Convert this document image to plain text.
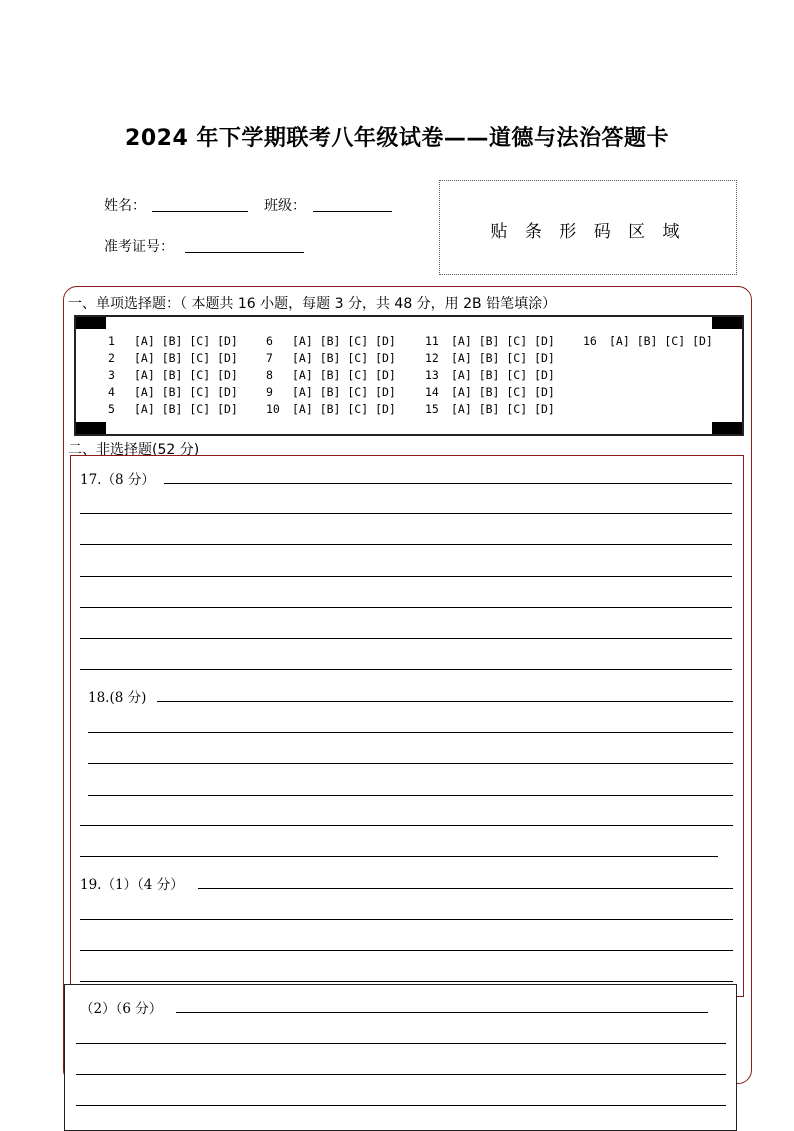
2024 年下学期联考八年级试卷——道德与法治答题卡
姓名：	班级：
准考证号：
贴 条 形 码 区 域
一、单项选择题：（ 本题共 16 小题，每题 3 分，共 48 分，用 2B 铅笔填涂）
1 [A] [B] [C] [D]
2 [A] [B] [C] [D]
3 [A] [B] [C] [D]
4 [A] [B] [C] [D]
5 [A] [B] [C] [D]
6 [A] [B] [C] [D]
7 [A] [B] [C] [D]
8 [A] [B] [C] [D]
9 [A] [B] [C] [D]
10 [A] [B] [C] [D]
11 [A] [B] [C] [D]
12 [A] [B] [C] [D]
13 [A] [B] [C] [D]
14 [A] [B] [C] [D]
15 [A] [B] [C] [D]
16 [A] [B] [C] [D]
二、非选择题(52 分)
17.（8 分）
18.(8 分)
19.（1）（4 分）
（2）（6 分）
